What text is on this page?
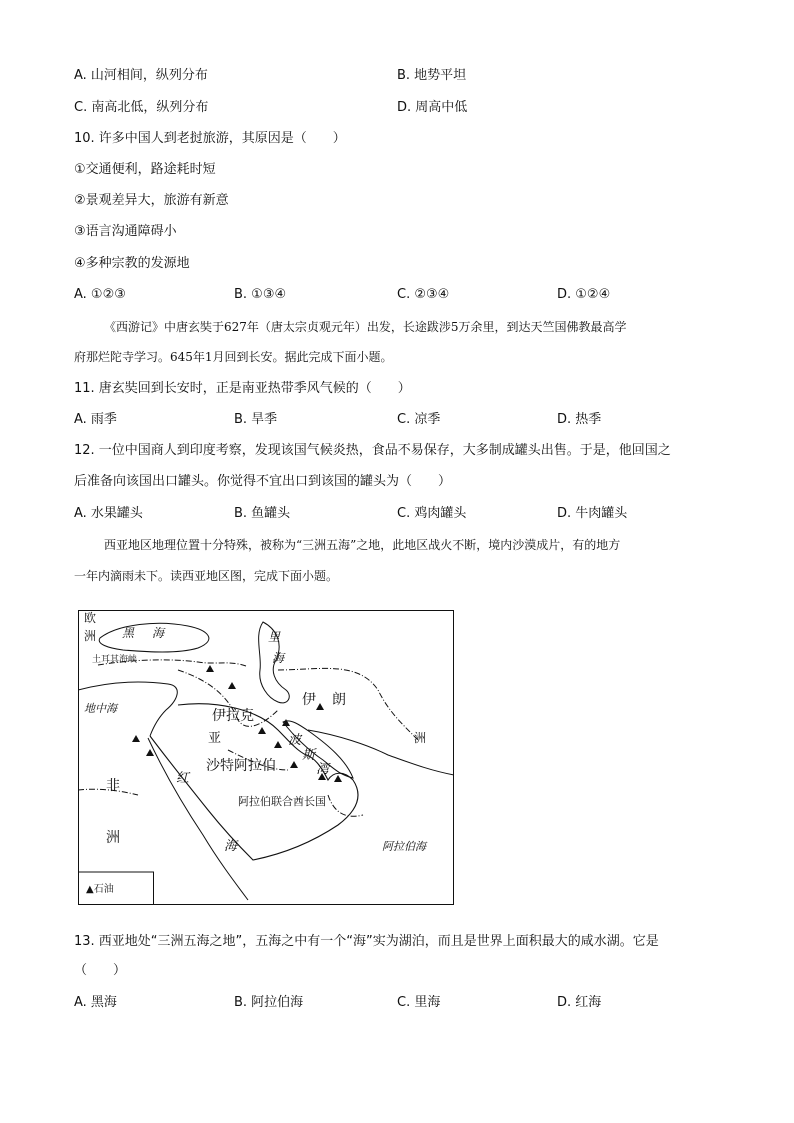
A. 山河相间，纵列分布	B. 地势平坦
C. 南高北低，纵列分布	D. 周高中低
10. 许多中国人到老挝旅游，其原因是（　　）
①交通便利，路途耗时短
②景观差异大，旅游有新意
③语言沟通障碍小
④多种宗教的发源地
A. ①②③	B. ①③④	C. ②③④	D. ①②④
《西游记》中唐玄奘于627年（唐太宗贞观元年）出发，长途跋涉5万余里，到达天竺国佛教最高学
府那烂陀寺学习。645年1月回到长安。据此完成下面小题。
11. 唐玄奘回到长安时，正是南亚热带季风气候的（　　）
A. 雨季	B. 旱季	C. 凉季	D. 热季
12. 一位中国商人到印度考察，发现该国气候炎热，食品不易保存，大多制成罐头出售。于是，他回国之
后准备向该国出口罐头。你觉得不宜出口到该国的罐头为（　　）
A. 水果罐头	B. 鱼罐头	C. 鸡肉罐头	D. 牛肉罐头
西亚地区地理位置十分特殊，被称为“三洲五海”之地，此地区战火不断，境内沙漠成片，有的地方
一年内滴雨未下。读西亚地区图，完成下面小题。
欧
洲 黑 海	里
海
土耳其海峡
伊 朗
地中海	伊拉克
亚	洲
波
斯
湾
沙特阿拉伯
非
洲
红
海
阿拉伯联合酋长国
阿拉伯海
▲石油
13. 西亚地处“三洲五海之地”，五海之中有一个“海”实为湖泊，而且是世界上面积最大的咸水湖。它是
（　　）
A. 黑海	B. 阿拉伯海	C. 里海	D. 红海
